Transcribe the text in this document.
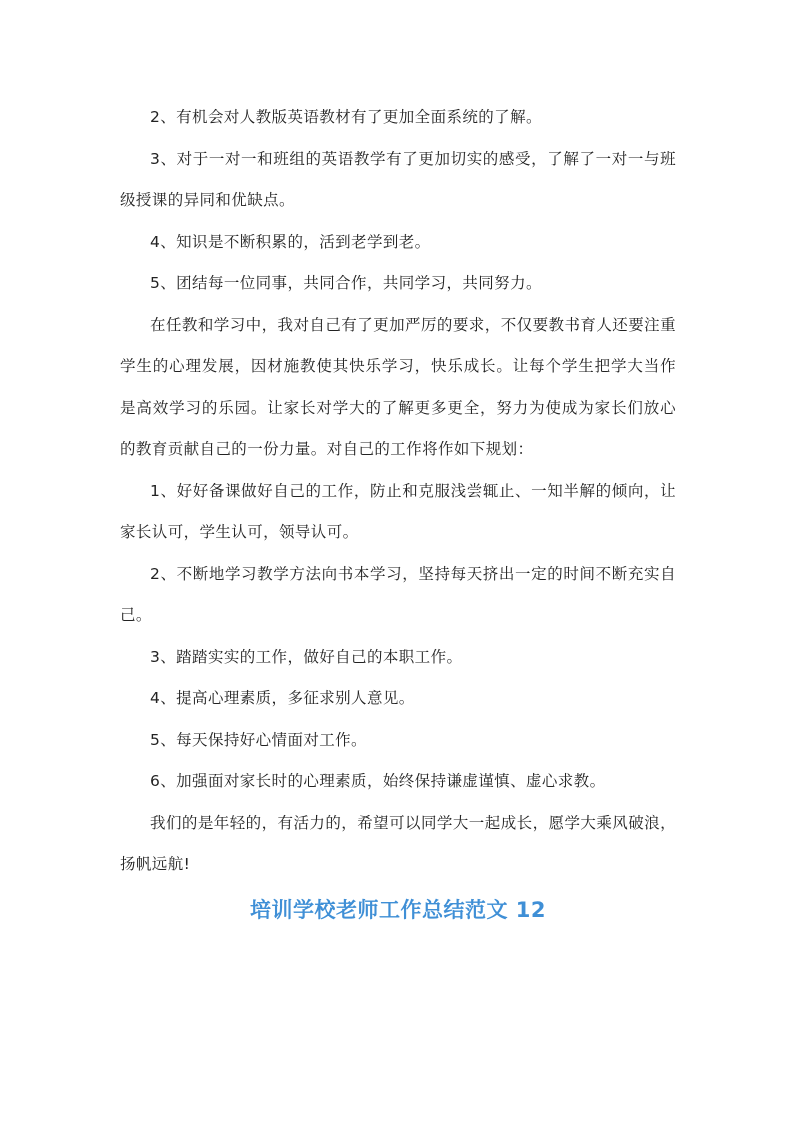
2、有机会对人教版英语教材有了更加全面系统的了解。

3、对于一对一和班组的英语教学有了更加切实的感受，了解了一对一与班级授课的异同和优缺点。

4、知识是不断积累的，活到老学到老。

5、团结每一位同事，共同合作，共同学习，共同努力。

在任教和学习中，我对自己有了更加严厉的要求，不仅要教书育人还要注重学生的心理发展，因材施教使其快乐学习，快乐成长。让每个学生把学大当作是高效学习的乐园。让家长对学大的了解更多更全，努力为使成为家长们放心的教育贡献自己的一份力量。对自己的工作将作如下规划：

1、好好备课做好自己的工作，防止和克服浅尝辄止、一知半解的倾向，让家长认可，学生认可，领导认可。

2、不断地学习教学方法向书本学习，坚持每天挤出一定的时间不断充实自己。

3、踏踏实实的工作，做好自己的本职工作。

4、提高心理素质，多征求别人意见。

5、每天保持好心情面对工作。

6、加强面对家长时的心理素质，始终保持谦虚谨慎、虚心求教。

我们的是年轻的，有活力的，希望可以同学大一起成长，愿学大乘风破浪，扬帆远航!

培训学校老师工作总结范文 12
